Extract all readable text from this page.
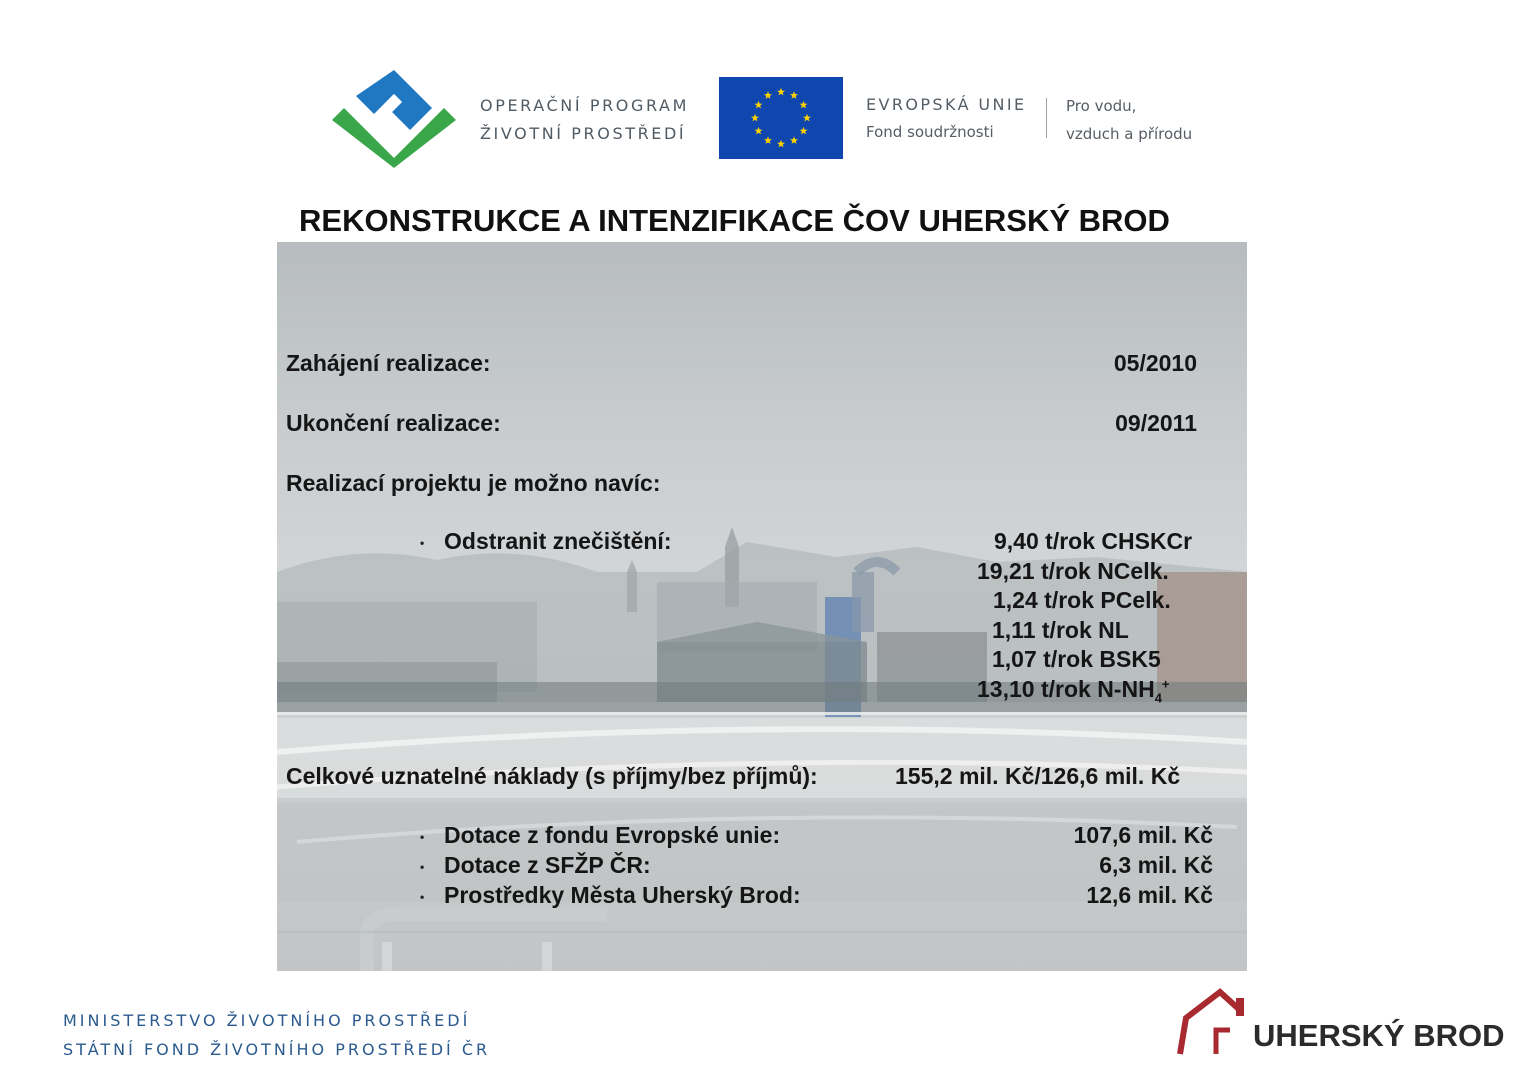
OPERAČNÍ PROGRAM
ŽIVOTNÍ PROSTŘEDÍ
EVROPSKÁ UNIE
Fond soudržnosti
Pro vodu,
vzduch a přírodu
REKONSTRUKCE A INTENZIFIKACE ČOV UHERSKÝ BROD
Zahájení realizace:	05/2010
Ukončení realizace:	09/2011
Realizací projektu je možno navíc:
• Odstranit znečištění:	9,40 t/rok CHSKCr
19,21 t/rok NCelk.
1,24 t/rok PCelk.
1,11 t/rok NL
1,07 t/rok BSK5
13,10 t/rok $N-NH_4^+$
Celkové uznatelné náklady (s příjmy/bez příjmů):	155,2 mil. Kč/126,6 mil. Kč
• Dotace z fondu Evropské unie:	107,6 mil. Kč
• Dotace z SFŽP ČR:	6,3 mil. Kč
• Prostředky Města Uherský Brod:	12,6 mil. Kč
MINISTERSTVO ŽIVOTNÍHO PROSTŘEDÍ
STÁTNÍ FOND ŽIVOTNÍHO PROSTŘEDÍ ČR	UHERSKÝ BROD
